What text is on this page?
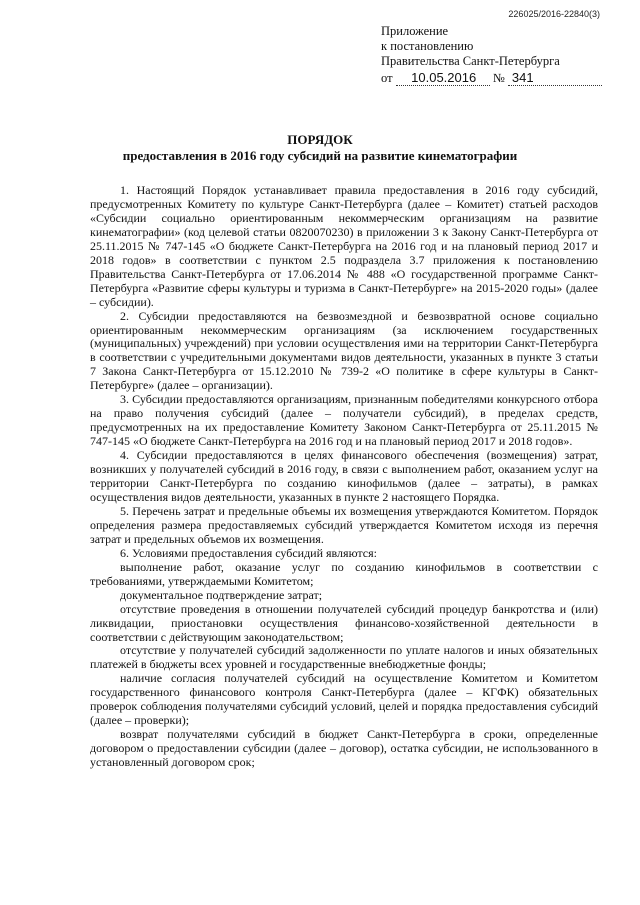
226025/2016-22840(3)
Приложение
к постановлению
Правительства Санкт-Петербурга
от 10.05.2016 № 341
ПОРЯДОК
предоставления в 2016 году субсидий на развитие кинематографии

1. Настоящий Порядок устанавливает правила предоставления в 2016 году субсидий, предусмотренных Комитету по культуре Санкт-Петербурга (далее – Комитет) статьей расходов «Субсидии социально ориентированным некоммерческим организациям на развитие кинематографии» (код целевой статьи 0820070230) в приложении 3 к Закону Санкт-Петербурга от 25.11.2015 № 747-145 «О бюджете Санкт-Петербурга на 2016 год и на плановый период 2017 и 2018 годов» в соответствии с пунктом 2.5 подраздела 3.7 приложения к постановлению Правительства Санкт-Петербурга от 17.06.2014 № 488 «О государственной программе Санкт-Петербурга «Развитие сферы культуры и туризма в Санкт-Петербурге» на 2015-2020 годы» (далее – субсидии).

2. Субсидии предоставляются на безвозмездной и безвозвратной основе социально ориентированным некоммерческим организациям (за исключением государственных (муниципальных) учреждений) при условии осуществления ими на территории Санкт-Петербурга в соответствии с учредительными документами видов деятельности, указанных в пункте 3 статьи 7 Закона Санкт-Петербурга от 15.12.2010 № 739-2 «О политике в сфере культуры в Санкт-Петербурге» (далее – организации).

3. Субсидии предоставляются организациям, признанным победителями конкурсного отбора на право получения субсидий (далее – получатели субсидий), в пределах средств, предусмотренных на их предоставление Комитету Законом Санкт-Петербурга от 25.11.2015 № 747-145 «О бюджете Санкт-Петербурга на 2016 год и на плановый период 2017 и 2018 годов».

4. Субсидии предоставляются в целях финансового обеспечения (возмещения) затрат, возникших у получателей субсидий в 2016 году, в связи с выполнением работ, оказанием услуг на территории Санкт-Петербурга по созданию кинофильмов (далее – затраты), в рамках осуществления видов деятельности, указанных в пункте 2 настоящего Порядка.

5. Перечень затрат и предельные объемы их возмещения утверждаются Комитетом. Порядок определения размера предоставляемых субсидий утверждается Комитетом исходя из перечня затрат и предельных объемов их возмещения.

6. Условиями предоставления субсидий являются:

выполнение работ, оказание услуг по созданию кинофильмов в соответствии с требованиями, утверждаемыми Комитетом;

документальное подтверждение затрат;

отсутствие проведения в отношении получателей субсидий процедур банкротства и (или) ликвидации, приостановки осуществления финансово-хозяйственной деятельности в соответствии с действующим законодательством;

отсутствие у получателей субсидий задолженности по уплате налогов и иных обязательных платежей в бюджеты всех уровней и государственные внебюджетные фонды;

наличие согласия получателей субсидий на осуществление Комитетом и Комитетом государственного финансового контроля Санкт-Петербурга (далее – КГФК) обязательных проверок соблюдения получателями субсидий условий, целей и порядка предоставления субсидий (далее – проверки);

возврат получателями субсидий в бюджет Санкт-Петербурга в сроки, определенные договором о предоставлении субсидии (далее – договор), остатка субсидии, не использованного в установленный договором срок;
